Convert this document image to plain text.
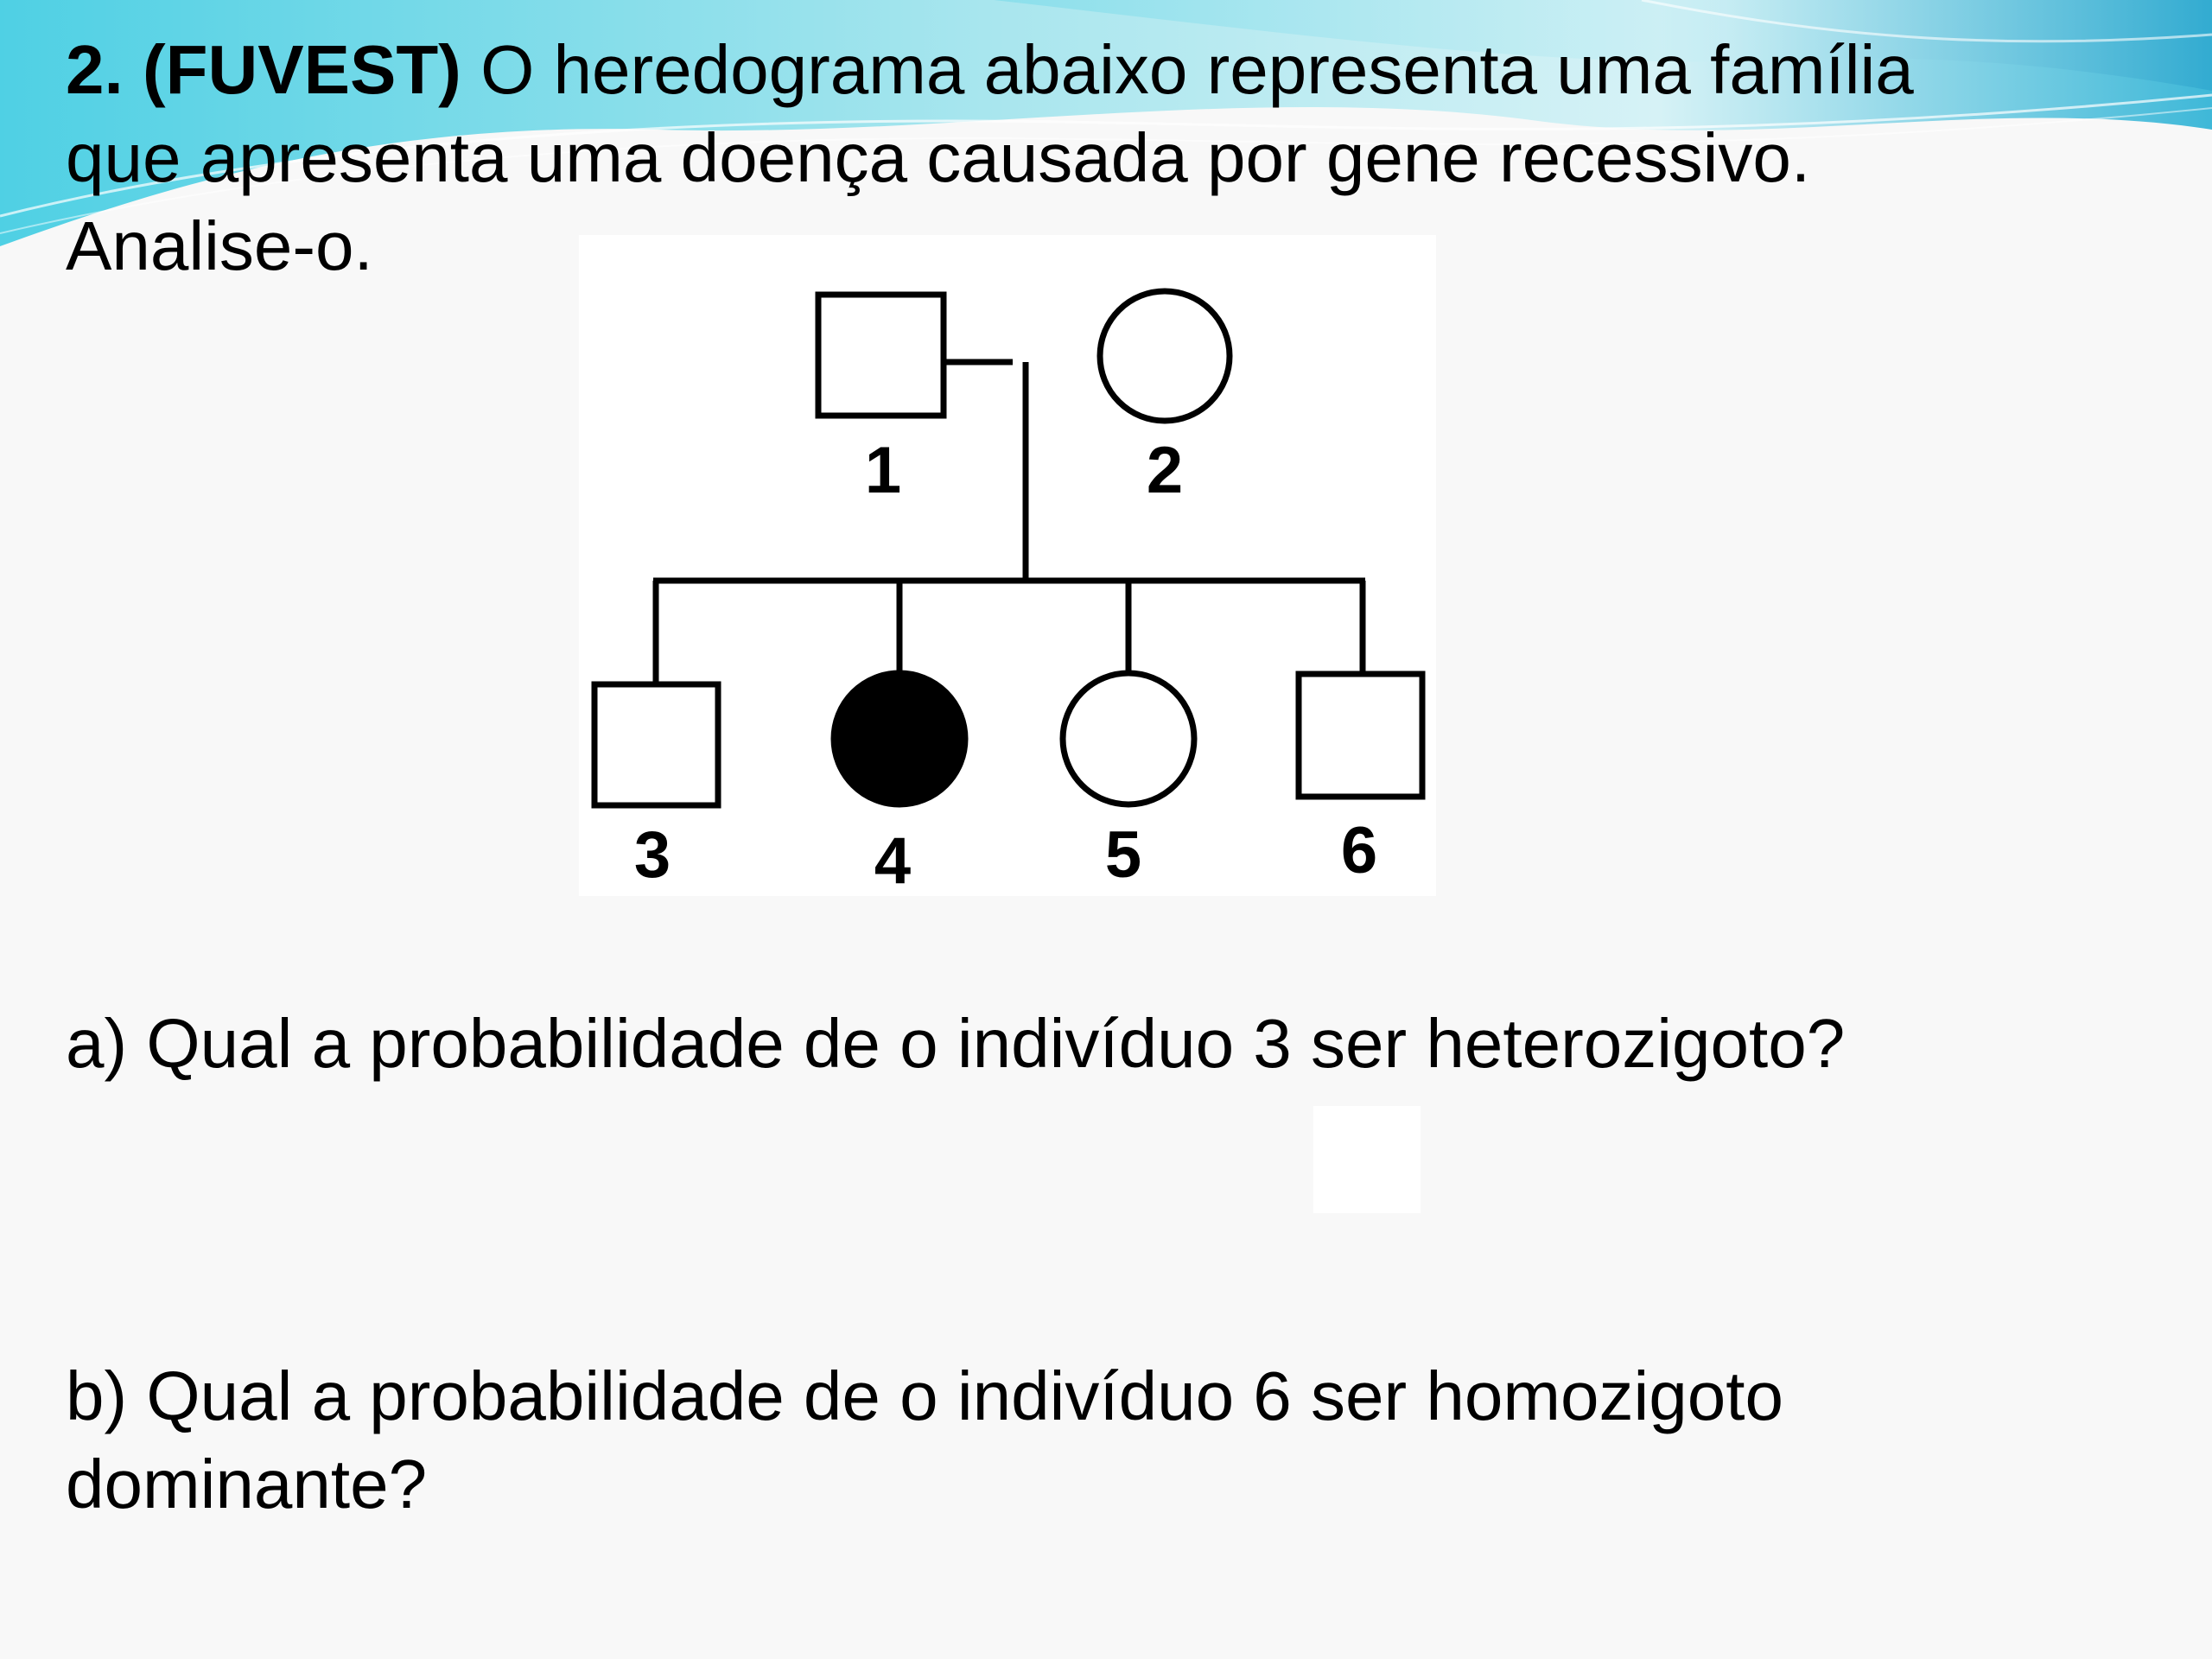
2. (FUVEST) O heredograma abaixo representa uma família
que apresenta uma doença causada por gene recessivo.
Analise-o.
1	2
3	4	5	6
a) Qual a probabilidade de o indivíduo 3 ser heterozigoto?
b) Qual a probabilidade de o indivíduo 6 ser homozigoto
dominante?
